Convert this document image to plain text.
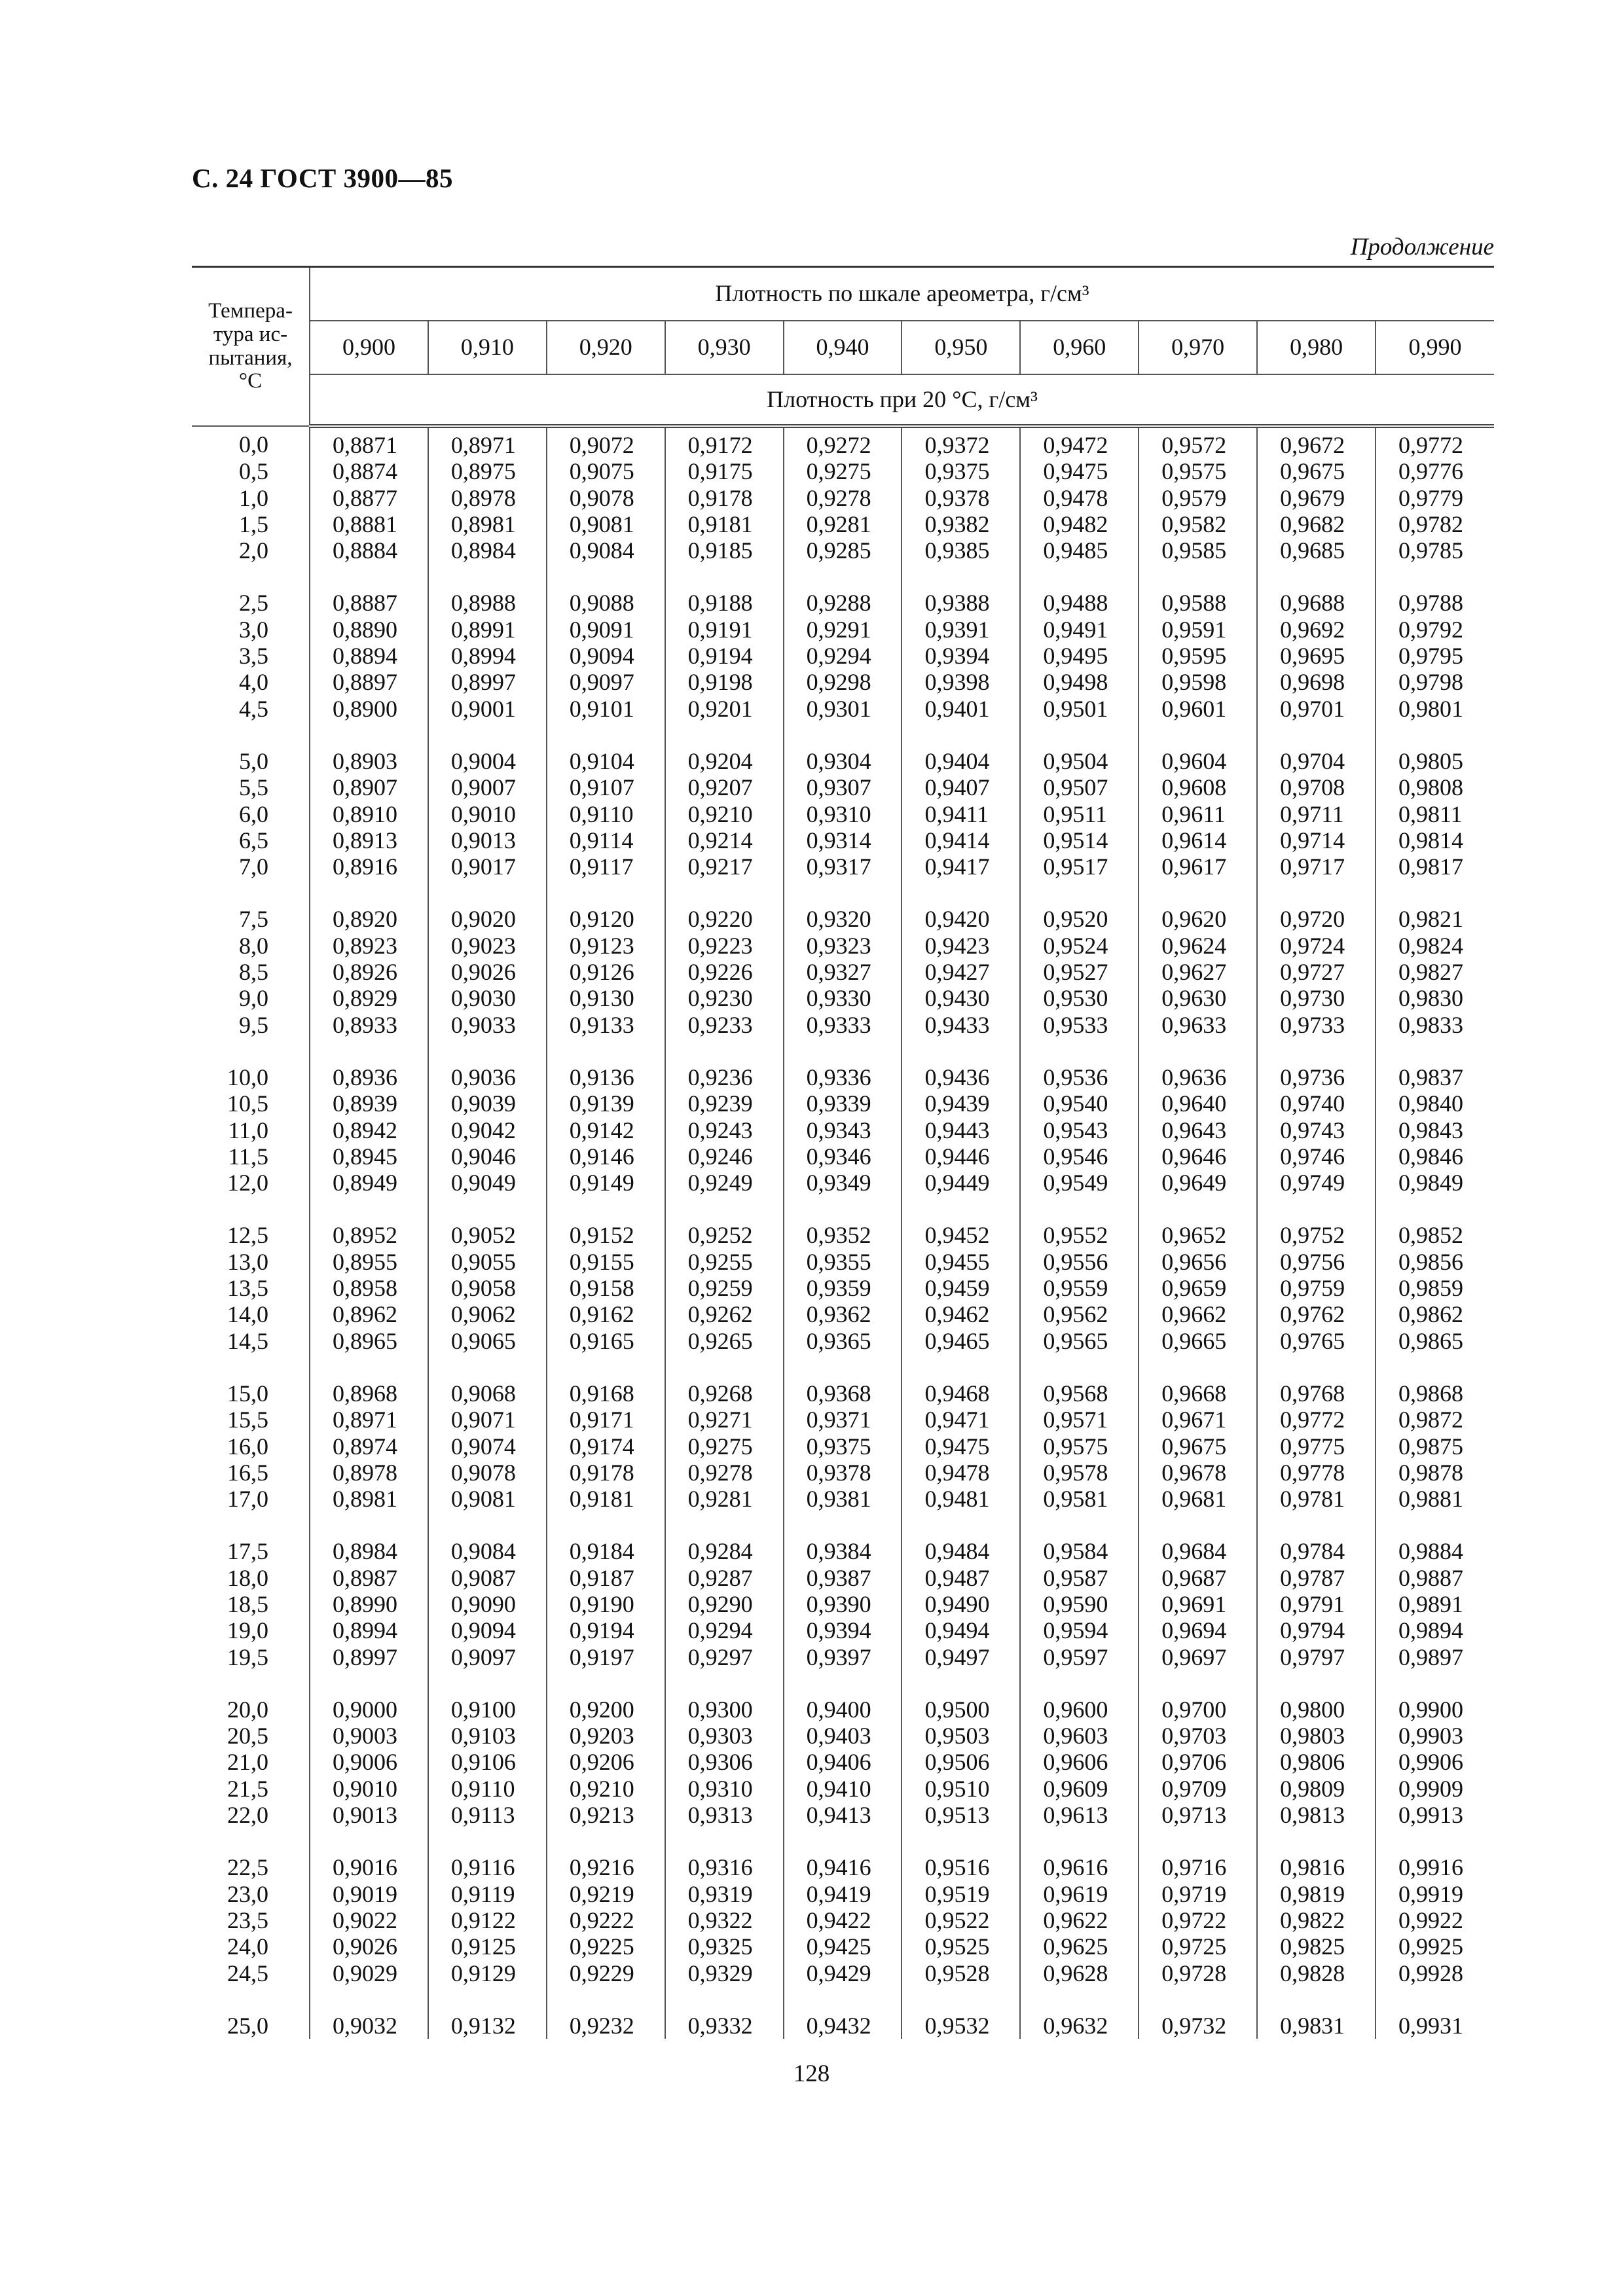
С. 24 ГОСТ 3900—85
Продолжение
Темпера-
тура ис-
пытания,
°С	Плотность по шкале ареометра, г/см³									
	0,900	0,910	0,920	0,930	0,940	0,950	0,960	0,970	0,980	0,990
	Плотность при 20 °С, г/см³									
0,0	0,8871	0,8971	0,9072	0,9172	0,9272	0,9372	0,9472	0,9572	0,9672	0,9772
0,5	0,8874	0,8975	0,9075	0,9175	0,9275	0,9375	0,9475	0,9575	0,9675	0,9776
1,0	0,8877	0,8978	0,9078	0,9178	0,9278	0,9378	0,9478	0,9579	0,9679	0,9779
1,5	0,8881	0,8981	0,9081	0,9181	0,9281	0,9382	0,9482	0,9582	0,9682	0,9782
2,0	0,8884	0,8984	0,9084	0,9185	0,9285	0,9385	0,9485	0,9585	0,9685	0,9785

2,5	0,8887	0,8988	0,9088	0,9188	0,9288	0,9388	0,9488	0,9588	0,9688	0,9788
3,0	0,8890	0,8991	0,9091	0,9191	0,9291	0,9391	0,9491	0,9591	0,9692	0,9792
3,5	0,8894	0,8994	0,9094	0,9194	0,9294	0,9394	0,9495	0,9595	0,9695	0,9795
4,0	0,8897	0,8997	0,9097	0,9198	0,9298	0,9398	0,9498	0,9598	0,9698	0,9798
4,5	0,8900	0,9001	0,9101	0,9201	0,9301	0,9401	0,9501	0,9601	0,9701	0,9801

5,0	0,8903	0,9004	0,9104	0,9204	0,9304	0,9404	0,9504	0,9604	0,9704	0,9805
5,5	0,8907	0,9007	0,9107	0,9207	0,9307	0,9407	0,9507	0,9608	0,9708	0,9808
6,0	0,8910	0,9010	0,9110	0,9210	0,9310	0,9411	0,9511	0,9611	0,9711	0,9811
6,5	0,8913	0,9013	0,9114	0,9214	0,9314	0,9414	0,9514	0,9614	0,9714	0,9814
7,0	0,8916	0,9017	0,9117	0,9217	0,9317	0,9417	0,9517	0,9617	0,9717	0,9817

7,5	0,8920	0,9020	0,9120	0,9220	0,9320	0,9420	0,9520	0,9620	0,9720	0,9821
8,0	0,8923	0,9023	0,9123	0,9223	0,9323	0,9423	0,9524	0,9624	0,9724	0,9824
8,5	0,8926	0,9026	0,9126	0,9226	0,9327	0,9427	0,9527	0,9627	0,9727	0,9827
9,0	0,8929	0,9030	0,9130	0,9230	0,9330	0,9430	0,9530	0,9630	0,9730	0,9830
9,5	0,8933	0,9033	0,9133	0,9233	0,9333	0,9433	0,9533	0,9633	0,9733	0,9833

10,0	0,8936	0,9036	0,9136	0,9236	0,9336	0,9436	0,9536	0,9636	0,9736	0,9837
10,5	0,8939	0,9039	0,9139	0,9239	0,9339	0,9439	0,9540	0,9640	0,9740	0,9840
11,0	0,8942	0,9042	0,9142	0,9243	0,9343	0,9443	0,9543	0,9643	0,9743	0,9843
11,5	0,8945	0,9046	0,9146	0,9246	0,9346	0,9446	0,9546	0,9646	0,9746	0,9846
12,0	0,8949	0,9049	0,9149	0,9249	0,9349	0,9449	0,9549	0,9649	0,9749	0,9849

12,5	0,8952	0,9052	0,9152	0,9252	0,9352	0,9452	0,9552	0,9652	0,9752	0,9852
13,0	0,8955	0,9055	0,9155	0,9255	0,9355	0,9455	0,9556	0,9656	0,9756	0,9856
13,5	0,8958	0,9058	0,9158	0,9259	0,9359	0,9459	0,9559	0,9659	0,9759	0,9859
14,0	0,8962	0,9062	0,9162	0,9262	0,9362	0,9462	0,9562	0,9662	0,9762	0,9862
14,5	0,8965	0,9065	0,9165	0,9265	0,9365	0,9465	0,9565	0,9665	0,9765	0,9865

15,0	0,8968	0,9068	0,9168	0,9268	0,9368	0,9468	0,9568	0,9668	0,9768	0,9868
15,5	0,8971	0,9071	0,9171	0,9271	0,9371	0,9471	0,9571	0,9671	0,9772	0,9872
16,0	0,8974	0,9074	0,9174	0,9275	0,9375	0,9475	0,9575	0,9675	0,9775	0,9875
16,5	0,8978	0,9078	0,9178	0,9278	0,9378	0,9478	0,9578	0,9678	0,9778	0,9878
17,0	0,8981	0,9081	0,9181	0,9281	0,9381	0,9481	0,9581	0,9681	0,9781	0,9881

17,5	0,8984	0,9084	0,9184	0,9284	0,9384	0,9484	0,9584	0,9684	0,9784	0,9884
18,0	0,8987	0,9087	0,9187	0,9287	0,9387	0,9487	0,9587	0,9687	0,9787	0,9887
18,5	0,8990	0,9090	0,9190	0,9290	0,9390	0,9490	0,9590	0,9691	0,9791	0,9891
19,0	0,8994	0,9094	0,9194	0,9294	0,9394	0,9494	0,9594	0,9694	0,9794	0,9894
19,5	0,8997	0,9097	0,9197	0,9297	0,9397	0,9497	0,9597	0,9697	0,9797	0,9897

20,0	0,9000	0,9100	0,9200	0,9300	0,9400	0,9500	0,9600	0,9700	0,9800	0,9900
20,5	0,9003	0,9103	0,9203	0,9303	0,9403	0,9503	0,9603	0,9703	0,9803	0,9903
21,0	0,9006	0,9106	0,9206	0,9306	0,9406	0,9506	0,9606	0,9706	0,9806	0,9906
21,5	0,9010	0,9110	0,9210	0,9310	0,9410	0,9510	0,9609	0,9709	0,9809	0,9909
22,0	0,9013	0,9113	0,9213	0,9313	0,9413	0,9513	0,9613	0,9713	0,9813	0,9913

22,5	0,9016	0,9116	0,9216	0,9316	0,9416	0,9516	0,9616	0,9716	0,9816	0,9916
23,0	0,9019	0,9119	0,9219	0,9319	0,9419	0,9519	0,9619	0,9719	0,9819	0,9919
23,5	0,9022	0,9122	0,9222	0,9322	0,9422	0,9522	0,9622	0,9722	0,9822	0,9922
24,0	0,9026	0,9125	0,9225	0,9325	0,9425	0,9525	0,9625	0,9725	0,9825	0,9925
24,5	0,9029	0,9129	0,9229	0,9329	0,9429	0,9528	0,9628	0,9728	0,9828	0,9928

25,0	0,9032	0,9132	0,9232	0,9332	0,9432	0,9532	0,9632	0,9732	0,9831	0,9931
128
